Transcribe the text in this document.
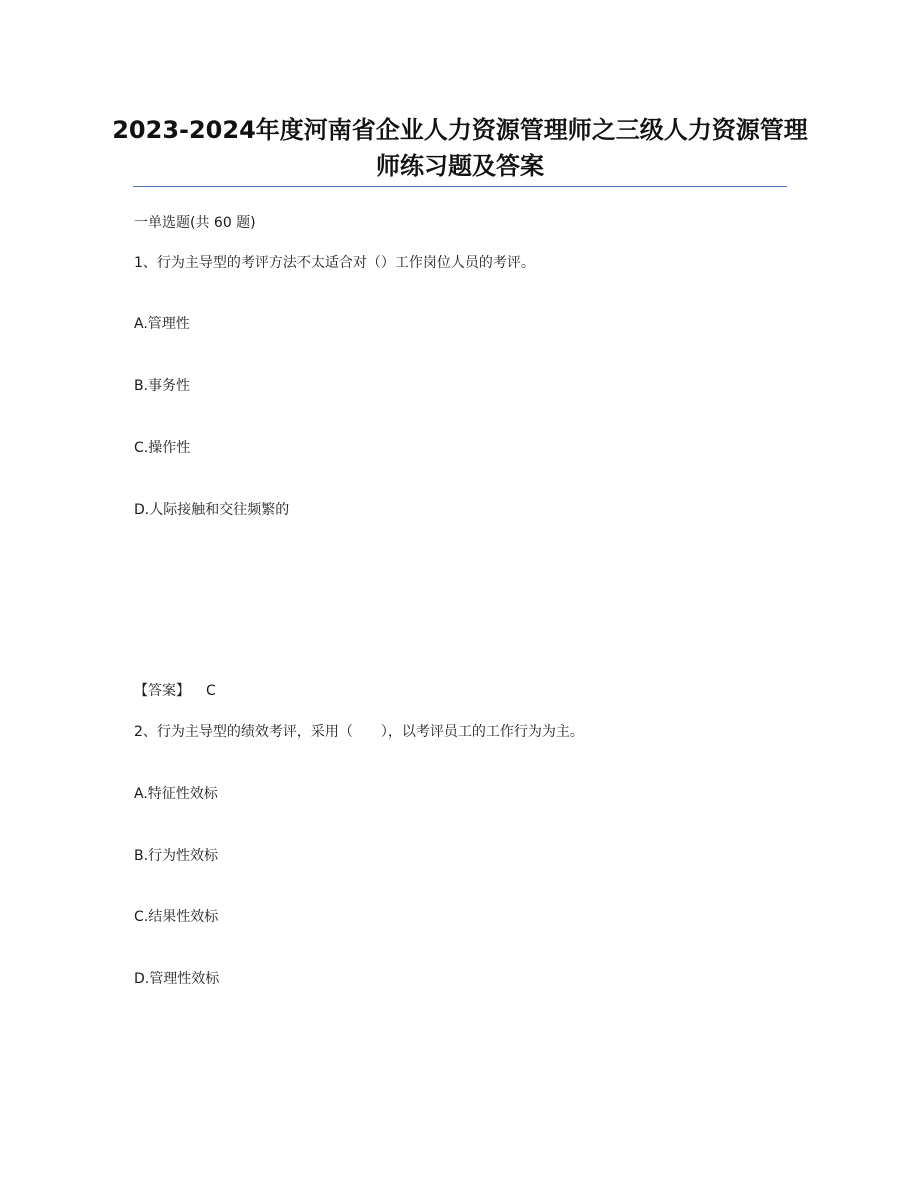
2023-2024年度河南省企业人力资源管理师之三级人力资源管理师练习题及答案
一单选题(共 60 题)
1、行为主导型的考评方法不太适合对（）工作岗位人员的考评。
A.管理性
B.事务性
C.操作性
D.人际接触和交往频繁的
【答案】 C
2、行为主导型的绩效考评，采用（　　），以考评员工的工作行为为主。
A.特征性效标
B.行为性效标
C.结果性效标
D.管理性效标
